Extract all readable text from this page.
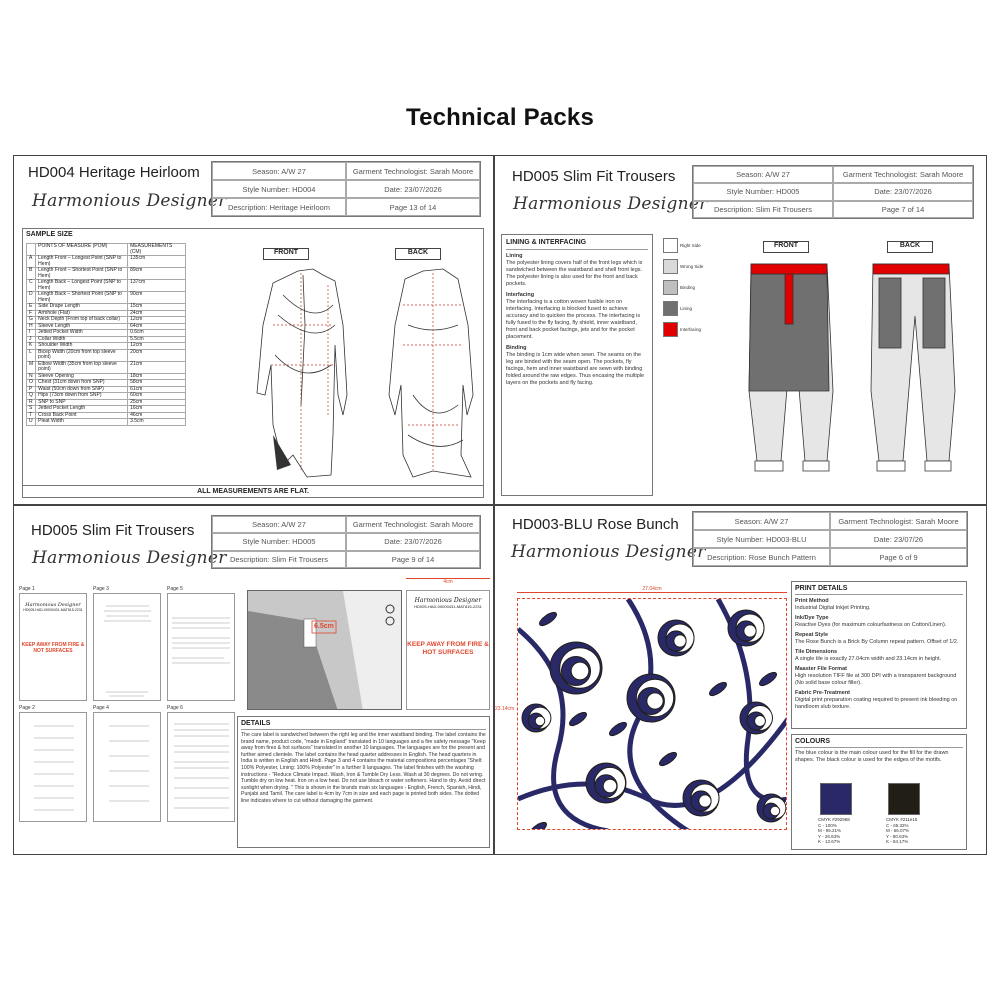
Technical Packs
HD004 Heritage Heirloom
Harmonious Designer
Season: A/W 27	Garment Technologist: Sarah Moore
Style Number: HD004	Date: 23/07/2026
Description: Heritage Heirloom	Page 13 of 14
SAMPLE SIZE
	POINTS OF MEASURE (POM)	MEASUREMENTS (CM)
A	Length Front – Longest Point (SNP to Hem)	135cm
B	Length Front – Shortest Point (SNP to Hem)	89cm
C	Length Back – Longest Point (SNP to Hem)	137cm
D	Length Back – Shortest Point (SNP to Hem)	90cm
E	Side Drape Length	15cm
F	Armhole (Flat)	24cm
G	Neck Depth (From top of back collar)	12cm
H	Sleeve Length	64cm
I	Jetted Pocket Width	0.6cm
J	Collar Width	5.5cm
K	Shoulder Width	12cm
L	Bicep Width (20cm from top sleeve point)	20cm
M	Elbow Width (35cm from top sleeve point)	21cm
N	Sleeve Opening	18cm
O	Chest (31cm down from SNP)	58cm
P	Waist (50cm down from SNP)	61cm
Q	Hips (73cm down from SNP)	60cm
R	SNP to SNP	25cm
S	Jetted Pocket Length	16cm
T	Cross Back Point	46cm
U	Pleat Width	3.5cm
FRONT	BACK
ALL MEASUREMENTS ARE FLAT.
HD005 Slim Fit Trousers
Harmonious Designer
Season: A/W 27	Garment Technologist: Sarah Moore
Style Number: HD005	Date: 23/07/2026
Description: Slim Fit Trousers	Page 7 of 14
LINING & INTERFACING
Lining
The polyester lining covers half of the front legs which is sandwiched between the waistband and shell front legs. The polyester lining is also used for the front and back pockets.
Interfacing
The interfacing is a cotton woven fusible iron on interfacing. Interfacing is blocked fused to achieve accuracy and to quicken the process. The interfacing is fully fused to the fly facing, fly shield, inner waistband, front and back pocket facings, jets and for the pocket placement.
Binding
The binding is 1cm wide when sewn. The seams on the leg are binded with the seam open. The pockets, fly facings, hem and inner waistband are sewn with binding folded around the raw edges. Thus encasing the multiple layers on the pockets and fly facing.
Right Side
Wrong Side
Binding
Lining
Interfacing
FRONT	BACK
HD005 Slim Fit Trousers
Harmonious Designer
Season: A/W 27	Garment Technologist: Sarah Moore
Style Number: HD005	Date: 23/07/2026
Description: Slim Fit Trousers	Page 9 of 14
Page 1
Harmonious Designer
HD005-HAD-00000431-MAT815-2231
KEEP AWAY FROM FIRE & NOT SURFACES
Page 3	Page 5
Page 2	Page 4	Page 6
6.5cm
4cm
Harmonious Designer
HD005-HAD-00000431-MAT815-2231
KEEP AWAY FROM FIRE & HOT SURFACES
DETAILS
The care label is sandwiched between the right leg and the inner waistband binding. The label contains the brand name, product code, "made in England" translated in 10 languages and a fire safety message "Keep away from fires & hot surfaces" translated in another 10 languages. The languages are for the present and further aimed clientele. The label contains the head quarter addresses in English. The head quarters in India is written in English and Hindi. Page 3 and 4 contains the material compositions percentages "Shell: 100% Polyester, Lining: 100% Polyester" in a further 9 languages. The label finishes with the washing instructions - "Reduce Climate Impact. Wash, Iron & Tumble Dry Less. Wash at 30 degrees. Do not wring. Tumble dry on low heat. Iron on a low heat. Do not use bleach or water softeners. Hand to dry. Avoid direct sunlight when drying. " This is shown in the brands main six languages - English, French, Spanish, Hindi, Punjabi and Tamil. The care label is 4cm by 7cm in size and each page is printed both sides. The dotted line indicates where to cut without damaging the garment.
HD003-BLU Rose Bunch
Harmonious Designer
Season: A/W 27	Garment Technologist: Sarah Moore
Style Number: HD003-BLU	Date: 23/07/26
Description: Rose Bunch Pattern	Page 6 of 9
27.04cm
23.14cm
PRINT DETAILS
Print Method
Industrial Digital Inkjet Printing.
Ink/Dye Type
Reactive Dyes (for maximum colourfastness on Cotton/Linen).
Repeat Style
The Rose Bunch is a Brick By Column repeat pattern. Offset of 1/2.
Tile Dimensions
A single tile is exactly 27.04cm width and 23.14cm in height.
Maaster File Format
High resolution TIFF file at 300 DPI with a transparent background (No solid base colour filler).
Fabric Pre-Treatment
Digital print preparation coating required to present ink bleeding on handloom slub texture.
COLOURS
The blue colour is the main colour used for the fill for the drawn shapes. The black colour is used for the edges of the motifs.
CMYK #292968
C - 100%
M - 95.21%
Y - 26.63%
K - 13.67%
CMYK #211e15
C - 65.32%
M - 66.07%
Y - 80.63%
K - 84.17%
